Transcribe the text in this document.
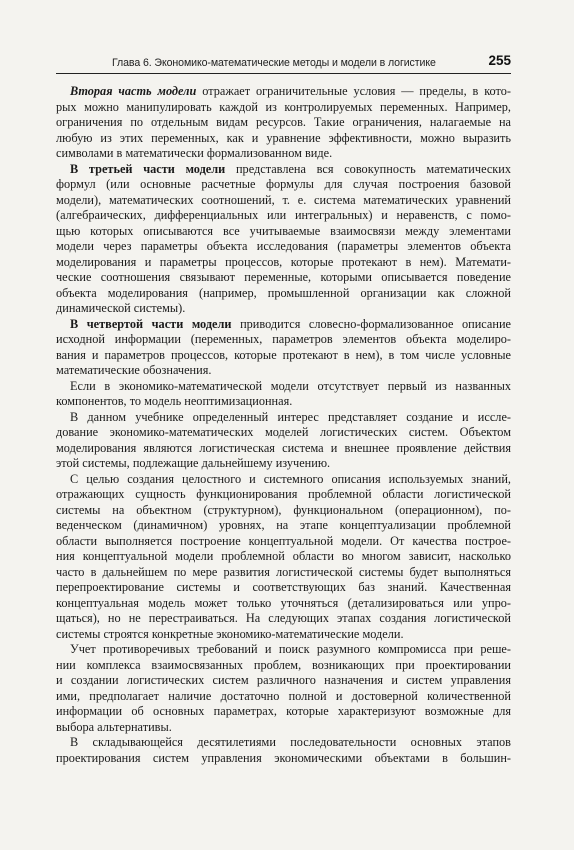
Глава 6. Экономико-математические методы и модели в логистике	255

Вторая часть модели отражает ограничительные условия — пределы, в кото-
рых можно манипулировать каждой из контролируемых переменных. Например,
ограничения по отдельным видам ресурсов. Такие ограничения, налагаемые на
любую из этих переменных, как и уравнение эффективности, можно выразить
символами в математически формализованном виде.

В третьей части модели представлена вся совокупность математических
формул (или основные расчетные формулы для случая построения базовой
модели), математических соотношений, т. е. система математических уравнений
(алгебраических, дифференциальных или интегральных) и неравенств, с помо-
щью которых описываются все учитываемые взаимосвязи между элементами
модели через параметры объекта исследования (параметры элементов объекта
моделирования и параметры процессов, которые протекают в нем). Математи-
ческие соотношения связывают переменные, которыми описывается поведение
объекта моделирования (например, промышленной организации как сложной
динамической системы).

В четвертой части модели приводится словесно-формализованное описание
исходной информации (переменных, параметров элементов объекта моделиро-
вания и параметров процессов, которые протекают в нем), в том числе условные
математические обозначения.

Если в экономико-математической модели отсутствует первый из названных
компонентов, то модель неоптимизационная.

В данном учебнике определенный интерес представляет создание и иссле-
дование экономико-математических моделей логистических систем. Объектом
моделирования являются логистическая система и внешнее проявление действия
этой системы, подлежащие дальнейшему изучению.

С целью создания целостного и системного описания используемых знаний,
отражающих сущность функционирования проблемной области логистической
системы на объектном (структурном), функциональном (операционном), по-
веденческом (динамичном) уровнях, на этапе концептуализации проблемной
области выполняется построение концептуальной модели. От качества построе-
ния концептуальной модели проблемной области во многом зависит, насколько
часто в дальнейшем по мере развития логистической системы будет выполняться
перепроектирование системы и соответствующих баз знаний. Качественная
концептуальная модель может только уточняться (детализироваться или упро-
щаться), но не перестраиваться. На следующих этапах создания логистической
системы строятся конкретные экономико-математические модели.

Учет противоречивых требований и поиск разумного компромисса при реше-
нии комплекса взаимосвязанных проблем, возникающих при проектировании
и создании логистических систем различного назначения и систем управления
ими, предполагает наличие достаточно полной и достоверной количественной
информации об основных параметрах, которые характеризуют возможные для
выбора альтернативы.

В складывающейся десятилетиями последовательности основных этапов
проектирования систем управления экономическими объектами в большин-
